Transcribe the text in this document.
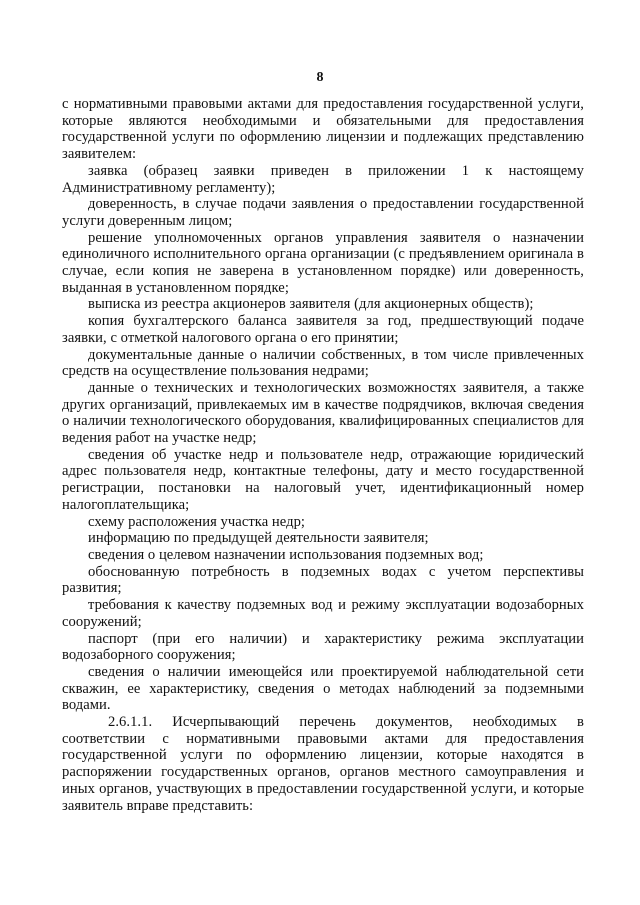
8

с нормативными правовыми актами для предоставления государственной услуги, которые являются необходимыми и обязательными для предоставления государственной услуги по оформлению лицензии и подлежащих представлению заявителем:

заявка (образец заявки приведен в приложении 1 к настоящему Административному регламенту);

доверенность, в случае подачи заявления о предоставлении государственной услуги доверенным лицом;

решение уполномоченных органов управления заявителя о назначении единоличного исполнительного органа организации (с предъявлением оригинала в случае, если копия не заверена в установленном порядке) или доверенность, выданная в установленном порядке;

выписка из реестра акционеров заявителя (для акционерных обществ);

копия бухгалтерского баланса заявителя за год, предшествующий подаче заявки, с отметкой налогового органа о его принятии;

документальные данные о наличии собственных, в том числе привлеченных средств на осуществление пользования недрами;

данные о технических и технологических возможностях заявителя, а также других организаций, привлекаемых им в качестве подрядчиков, включая сведения о наличии технологического оборудования, квалифицированных специалистов для ведения работ на участке недр;

сведения об участке недр и пользователе недр, отражающие юридический адрес пользователя недр, контактные телефоны, дату и место государственной регистрации, постановки на налоговый учет, идентификационный номер налогоплательщика;

схему расположения участка недр;

информацию по предыдущей деятельности заявителя;

сведения о целевом назначении использования подземных вод;

обоснованную потребность в подземных водах с учетом перспективы развития;

требования к качеству подземных вод и режиму эксплуатации водозаборных сооружений;

паспорт (при его наличии) и характеристику режима эксплуатации водозаборного сооружения;

сведения о наличии имеющейся или проектируемой наблюдательной сети скважин, ее характеристику, сведения о методах наблюдений за подземными водами.

2.6.1.1. Исчерпывающий перечень документов, необходимых в соответствии с нормативными правовыми актами для предоставления государственной услуги по оформлению лицензии, которые находятся в распоряжении государственных органов, органов местного самоуправления и иных органов, участвующих в предоставлении государственной услуги, и которые заявитель вправе представить:
